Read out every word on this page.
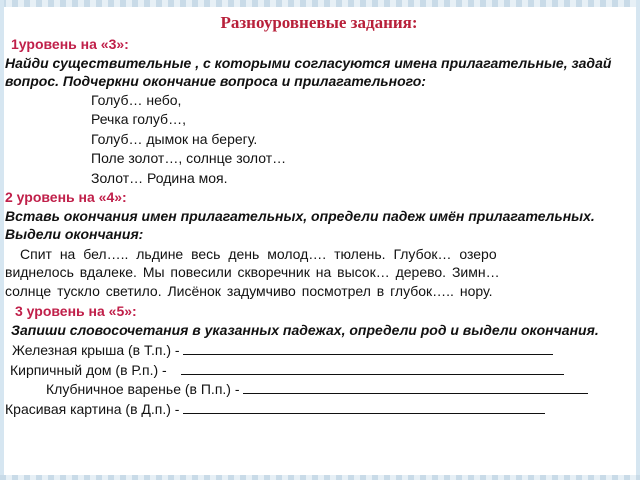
Разноуровневые задания:
1уровень на «3»:
Найди существительные , с которыми согласуются имена прилагательные, задай вопрос. Подчеркни окончание вопроса и прилагательного:
Голуб… небо,
Речка голуб…,
Голуб… дымок на берегу.
Поле золот…, солнце золот…
Золот… Родина моя.
2 уровень на «4»:
Вставь окончания имен прилагательных, определи падеж имён прилагательных. Выдели окончания:
Спит на бел….. льдине весь день молод…. тюлень. Глубок… озеро
виднелось вдалеке. Мы повесили скворечник на высок… дерево. Зимн…
солнце тускло светило. Лисёнок задумчиво посмотрел в глубок….. нору.
3 уровень на «5»:
Запиши словосочетания в указанных падежах, определи род и выдели окончания.
Железная крыша (в Т.п.) -
Кирпичный дом (в Р.п.) -
Клубничное варенье (в П.п.) -
Красивая картина (в Д.п.) -
